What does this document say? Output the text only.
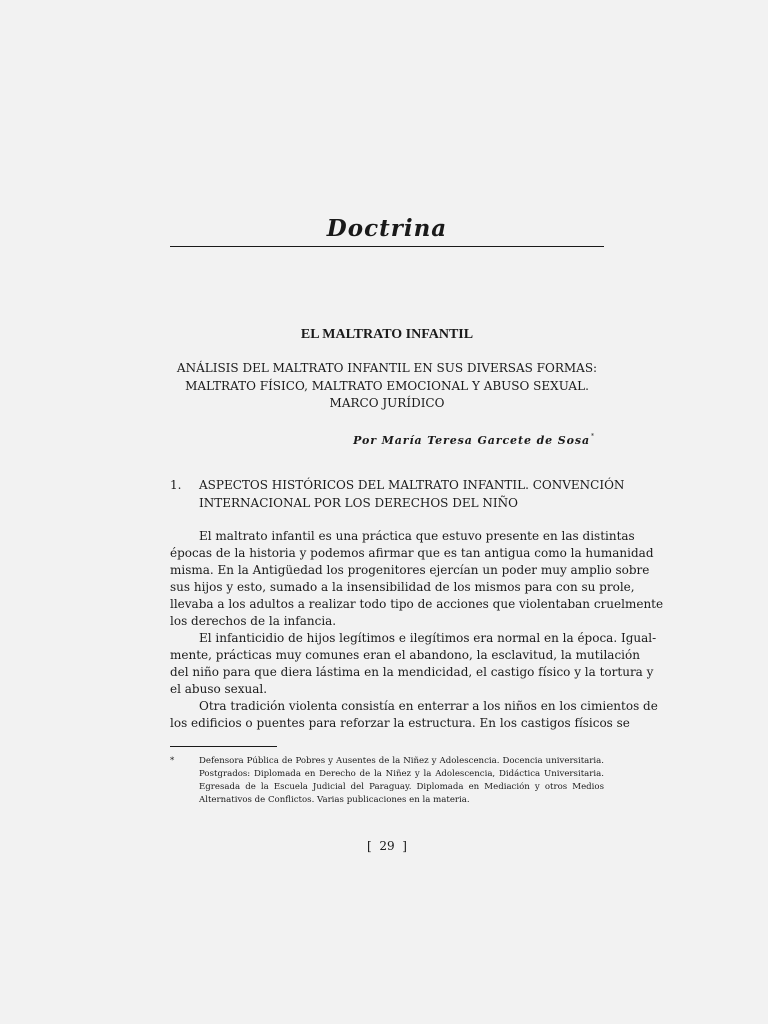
Doctrina
EL MALTRATO INFANTIL
ANÁLISIS DEL MALTRATO INFANTIL EN SUS DIVERSAS FORMAS:
MALTRATO FÍSICO, MALTRATO EMOCIONAL Y ABUSO SEXUAL.
MARCO JURÍDICO
Por María Teresa Garcete de Sosa*
1. ASPECTOS HISTÓRICOS DEL MALTRATO INFANTIL. CONVENCIÓN
INTERNACIONAL POR LOS DERECHOS DEL NIÑO
El maltrato infantil es una práctica que estuvo presente en las distintas
épocas de la historia y podemos afirmar que es tan antigua como la humanidad
misma. En la Antigüedad los progenitores ejercían un poder muy amplio sobre
sus hijos y esto, sumado a la insensibilidad de los mismos para con su prole,
llevaba a los adultos a realizar todo tipo de acciones que violentaban cruelmente
los derechos de la infancia.
El infanticidio de hijos legítimos e ilegítimos era normal en la época. Igual-
mente, prácticas muy comunes eran el abandono, la esclavitud, la mutilación
del niño para que diera lástima en la mendicidad, el castigo físico y la tortura y
el abuso sexual.
Otra tradición violenta consistía en enterrar a los niños en los cimientos de
los edificios o puentes para reforzar la estructura. En los castigos físicos se
*	Defensora Pública de Pobres y Ausentes de la Niñez y Adolescencia. Docencia universitaria.
Postgrados: Diplomada en Derecho de la Niñez y la Adolescencia, Didáctica Universitaria.
Egresada de la Escuela Judicial del Paraguay. Diplomada en Mediación y otros Medios
Alternativos de Conflictos. Varias publicaciones en la materia.
[  29  ]
